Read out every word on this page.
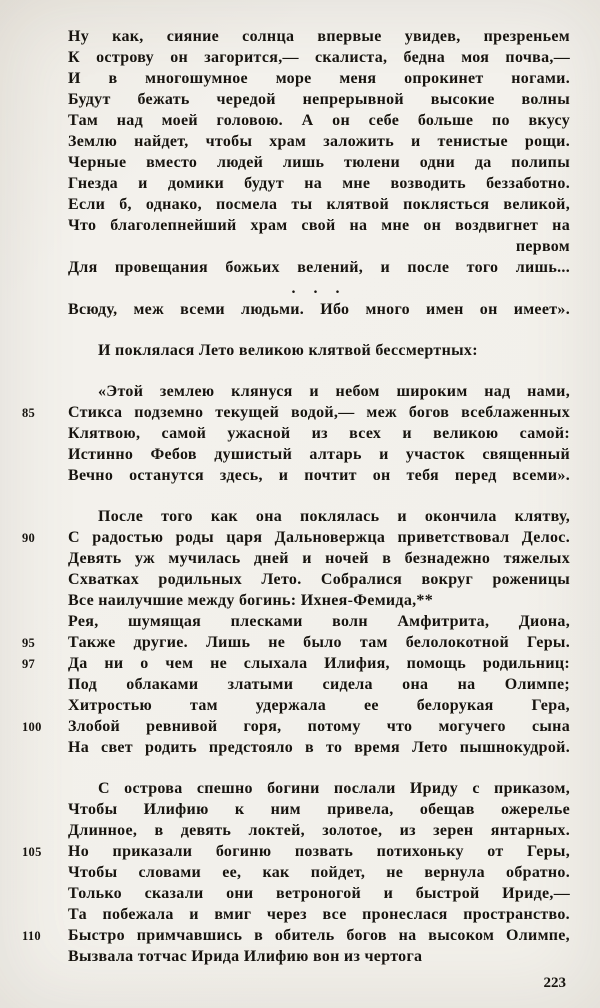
Ну как, сияние солнца впервые увидев, презреньем
К острову он загорится,— скалиста, бедна моя почва,—
И в многошумное море меня опрокинет ногами.
Будут бежать чередой непрерывной высокие волны
Там над моей головою. А он себе больше по вкусу
Землю найдет, чтобы храм заложить и тенистые рощи.
Черные вместо людей лишь тюлени одни да полипы
Гнезда и домики будут на мне возводить беззаботно.
Если б, однако, посмела ты клятвой поклясться великой,
Что благолепнейший храм свой на мне он воздвигнет на
первом
Для провещания божьих велений, и после того лишь...
. . .
Всюду, меж всеми людьми. Ибо много имен он имеет».
И поклялася Лето великою клятвой бессмертных:
«Этой землею клянуся и небом широким над нами,
85	Стикса подземно текущей водой,— меж богов всеблаженных
Клятвою, самой ужасной из всех и великою самой:
Истинно Фебов душистый алтарь и участок священный
Вечно останутся здесь, и почтит он тебя перед всеми».
После того как она поклялась и окончила клятву,
90	С радостью роды царя Дальновержца приветствовал Делос.
Девять уж мучилась дней и ночей в безнадежно тяжелых
Схватках родильных Лето. Собралися вокруг роженицы
Все наилучшие между богинь: Ихнея-Фемида,**
Рея, шумящая плесками волн Амфитрита, Диона,
95	Также другие. Лишь не было там белолокотной Геры.
97	Да ни о чем не слыхала Илифия, помощь родильниц:
Под облаками златыми сидела она на Олимпе;
Хитростью там удержала ее белорукая Гера,
100	Злобой ревнивой горя, потому что могучего сына
На свет родить предстояло в то время Лето пышнокудрой.
С острова спешно богини послали Ириду с приказом,
Чтобы Илифию к ним привела, обещав ожерелье
Длинное, в девять локтей, золотое, из зерен янтарных.
105	Но приказали богиню позвать потихоньку от Геры,
Чтобы словами ее, как пойдет, не вернула обратно.
Только сказали они ветроногой и быстрой Ириде,—
Та побежала и вмиг через все пронеслася пространство.
110	Быстро примчавшись в обитель богов на высоком Олимпе,
Вызвала тотчас Ирида Илифию вон из чертога
223
